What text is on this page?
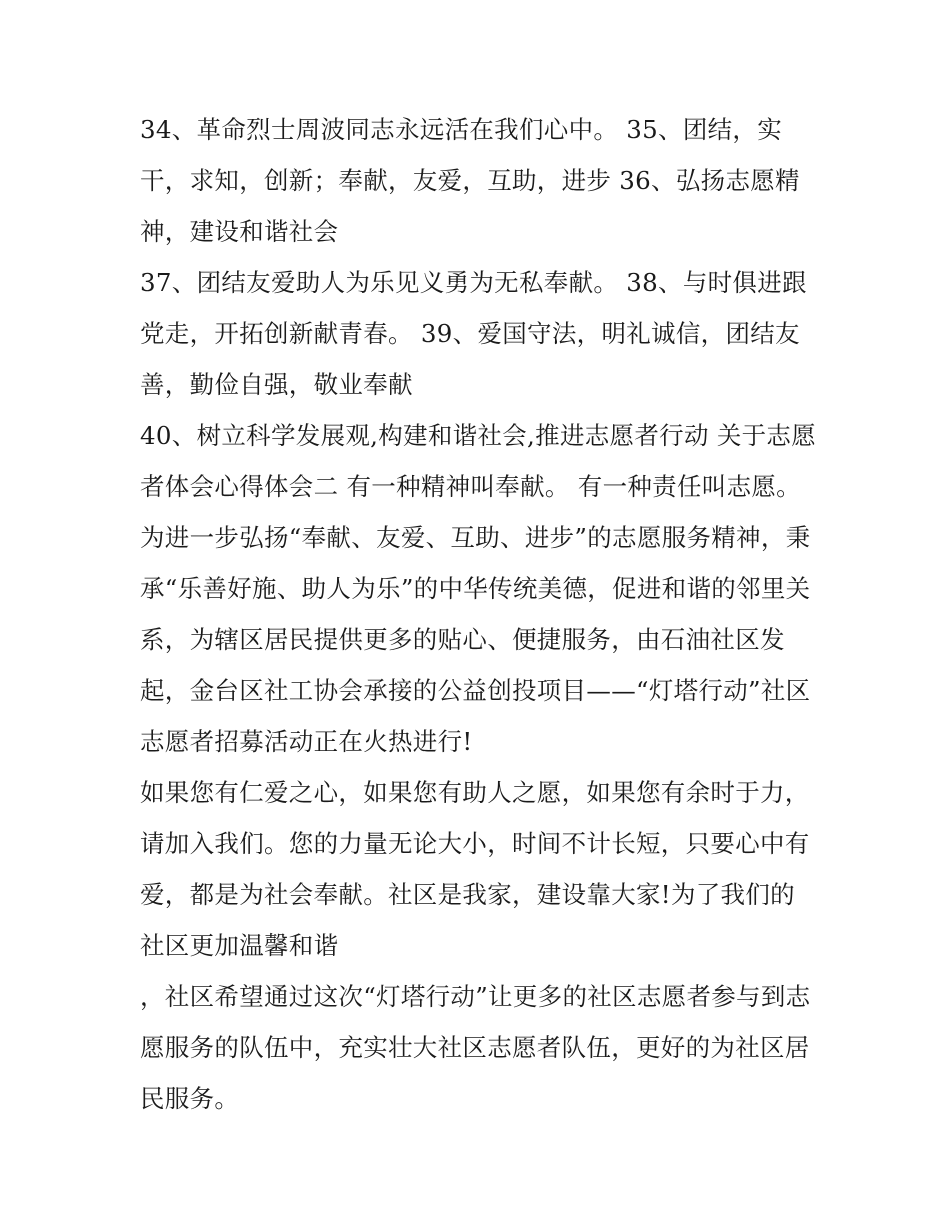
34、革命烈士周波同志永远活在我们心中。 35、团结，实
干，求知，创新；奉献，友爱，互助，进步 36、弘扬志愿精
神，建设和谐社会
37、团结友爱助人为乐见义勇为无私奉献。 38、与时俱进跟
党走，开拓创新献青春。 39、爱国守法，明礼诚信，团结友
善，勤俭自强，敬业奉献
40、树立科学发展观,构建和谐社会,推进志愿者行动 关于志愿
者体会心得体会二 有一种精神叫奉献。 有一种责任叫志愿。
为进一步弘扬“奉献、友爱、互助、进步”的志愿服务精神，秉
承“乐善好施、助人为乐”的中华传统美德，促进和谐的邻里关
系，为辖区居民提供更多的贴心、便捷服务，由石油社区发
起，金台区社工协会承接的公益创投项目——“灯塔行动”社区
志愿者招募活动正在火热进行!
如果您有仁爱之心，如果您有助人之愿，如果您有余时于力，
请加入我们。您的力量无论大小，时间不计长短，只要心中有
爱，都是为社会奉献。社区是我家，建设靠大家!为了我们的
社区更加温馨和谐
，社区希望通过这次“灯塔行动”让更多的社区志愿者参与到志
愿服务的队伍中，充实壮大社区志愿者队伍，更好的为社区居
民服务。
